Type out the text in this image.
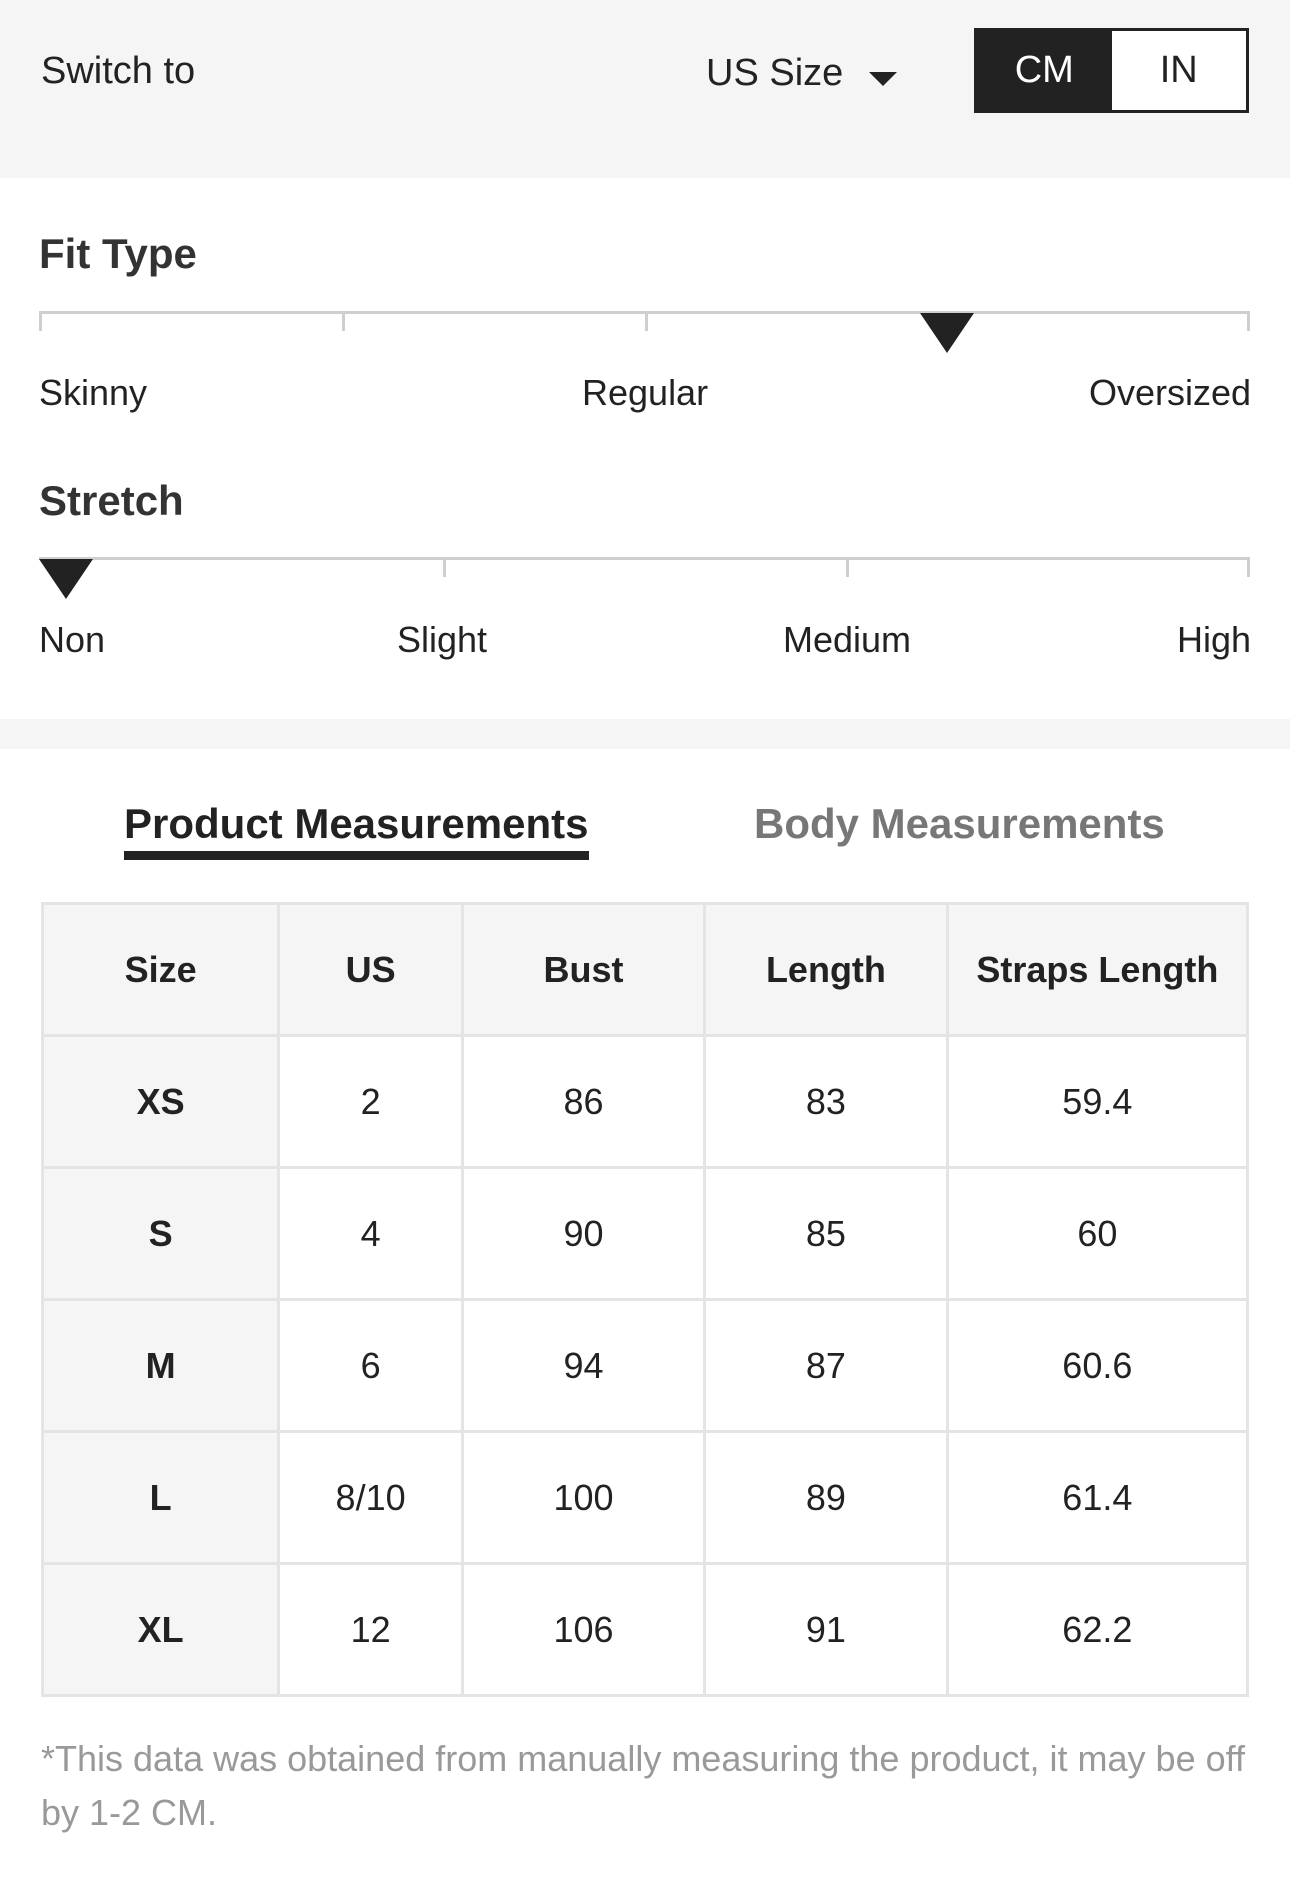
Switch to	US Size	CM	IN
Fit Type
Skinny	Regular	Oversized
Stretch
Non	Slight	Medium	High
Product Measurements	Body Measurements
Size	US	Bust	Length	Straps Length
XS	2	86	83	59.4
S	4	90	85	60
M	6	94	87	60.6
L	8/10	100	89	61.4
XL	12	106	91	62.2
*This data was obtained from manually measuring the product, it may be off by 1-2 CM.
